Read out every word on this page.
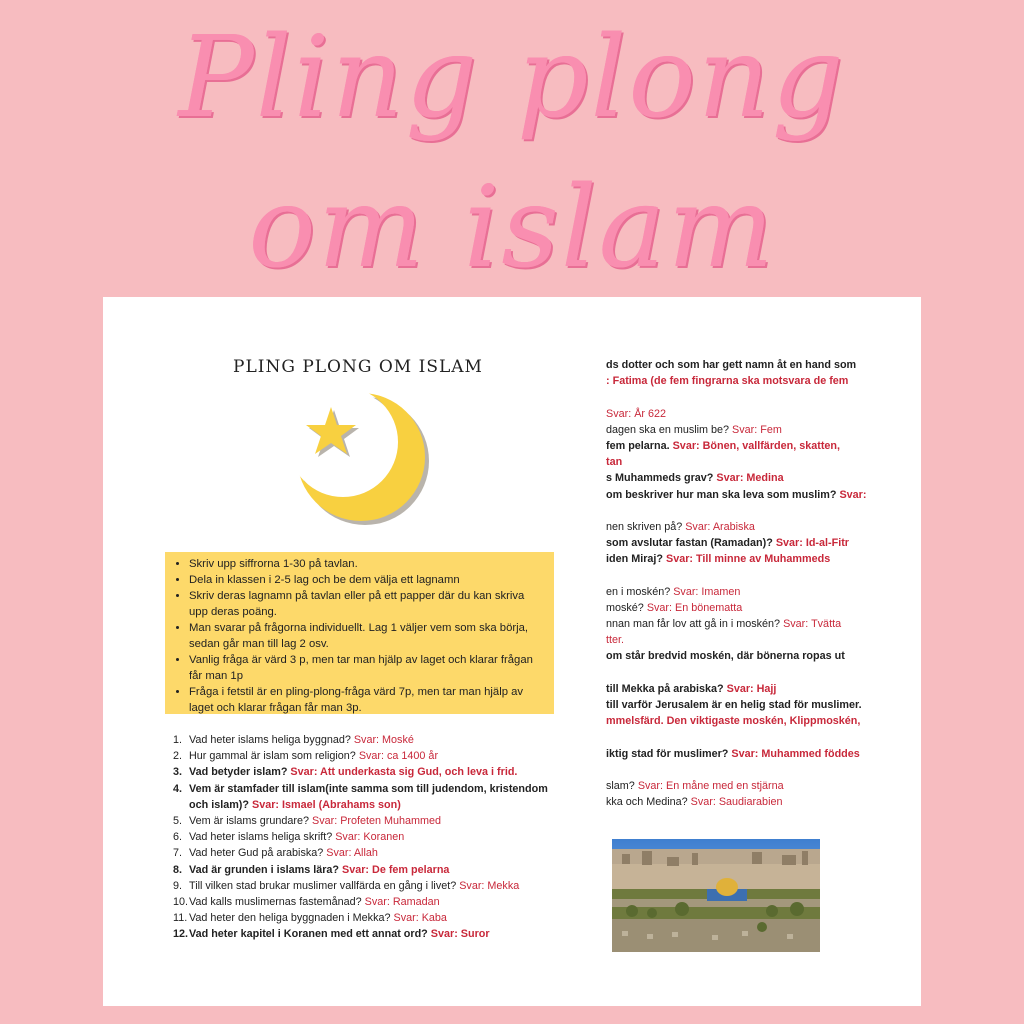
Pling plong
om islam
PLING PLONG OM ISLAM
• Skriv upp siffrorna 1-30 på tavlan.
• Dela in klassen i 2-5 lag och be dem välja ett lagnamn
• Skriv deras lagnamn på tavlan eller på ett papper där du kan skriva upp deras poäng.
• Man svarar på frågorna individuellt. Lag 1 väljer vem som ska börja, sedan går man till lag 2 osv.
• Vanlig fråga är värd 3 p, men tar man hjälp av laget och klarar frågan får man 1p
• Fråga i fetstil är en pling-plong-fråga värd 7p, men tar man hjälp av laget och klarar frågan får man 3p.
1. Vad heter islams heliga byggnad? Svar: Moské
2. Hur gammal är islam som religion? Svar: ca 1400 år
3. Vad betyder islam? Svar: Att underkasta sig Gud, och leva i frid.
4. Vem är stamfader till islam(inte samma som till judendom, kristendom
och islam)? Svar: Ismael (Abrahams son)
5. Vem är islams grundare? Svar: Profeten Muhammed
6. Vad heter islams heliga skrift? Svar: Koranen
7. Vad heter Gud på arabiska? Svar: Allah
8. Vad är grunden i islams lära? Svar: De fem pelarna
9. Till vilken stad brukar muslimer vallfärda en gång i livet? Svar: Mekka
10.Vad kalls muslimernas fastemånad? Svar: Ramadan
11. Vad heter den heliga byggnaden i Mekka? Svar: Kaba
12.Vad heter kapitel i Koranen med ett annat ord? Svar: Suror
ds dotter och som har gett namn åt en hand som
: Fatima (de fem fingrarna ska motsvara de fem
Svar: År 622
dagen ska en muslim be? Svar: Fem
fem pelarna. Svar: Bönen, vallfärden, skatten,
tan
s Muhammeds grav? Svar: Medina
om beskriver hur man ska leva som muslim? Svar:
nen skriven på? Svar: Arabiska
som avslutar fastan (Ramadan)? Svar: Id-al-Fitr
iden Miraj? Svar: Till minne av Muhammeds
en i moskén? Svar: Imamen
moské? Svar: En bönematta
nnan man får lov att gå in i moskén? Svar: Tvätta
tter.
om står bredvid moskén, där bönerna ropas ut
till Mekka på arabiska? Svar: Hajj
till varför Jerusalem är en helig stad för muslimer.
mmelsfärd. Den viktigaste moskén, Klippmoskén,
iktig stad för muslimer? Svar: Muhammed föddes
slam? Svar: En måne med en stjärna
kka och Medina? Svar: Saudiarabien
